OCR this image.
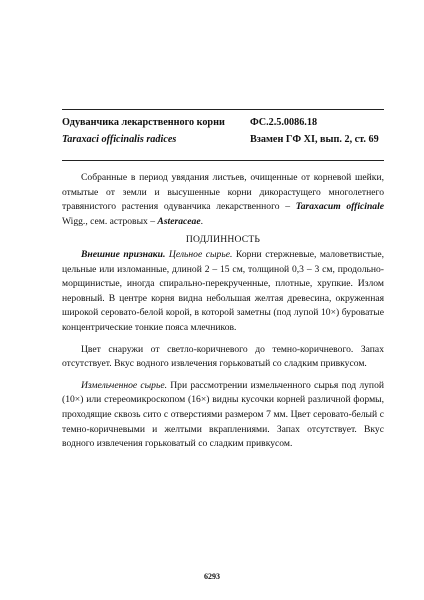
Одуванчика лекарственного корни ФС.2.5.0086.18
Taraxaci officinalis radices	Взамен ГФ XI, вып. 2, ст. 69

Собранные в период увядания листьев, очищенные от корневой шейки, отмытые от земли и высушенные корни дикорастущего многолетнего травянистого растения одуванчика лекарственного – Taraxacum officinale Wigg., сем. астровых – Asteraceae.

ПОДЛИННОСТЬ

Внешние признаки. Цельное сырье. Корни стержневые, маловетвистые, цельные или изломанные, длиной 2 – 15 см, толщиной 0,3 – 3 см, продольно-морщинистые, иногда спирально-перекрученные, плотные, хрупкие. Излом неровный. В центре корня видна небольшая желтая древесина, окруженная широкой серовато-белой корой, в которой заметны (под лупой 10×) буроватые концентрические тонкие пояса млечников.

Цвет снаружи от светло-коричневого до темно-коричневого. Запах отсутствует. Вкус водного извлечения горьковатый со сладким привкусом.

Измельченное сырье. При рассмотрении измельченного сырья под лупой (10×) или стереомикроскопом (16×) видны кусочки корней различной формы, проходящие сквозь сито с отверстиями размером 7 мм. Цвет серовато-белый с темно-коричневыми и желтыми вкраплениями. Запах отсутствует. Вкус водного извлечения горьковатый со сладким привкусом.

6293
